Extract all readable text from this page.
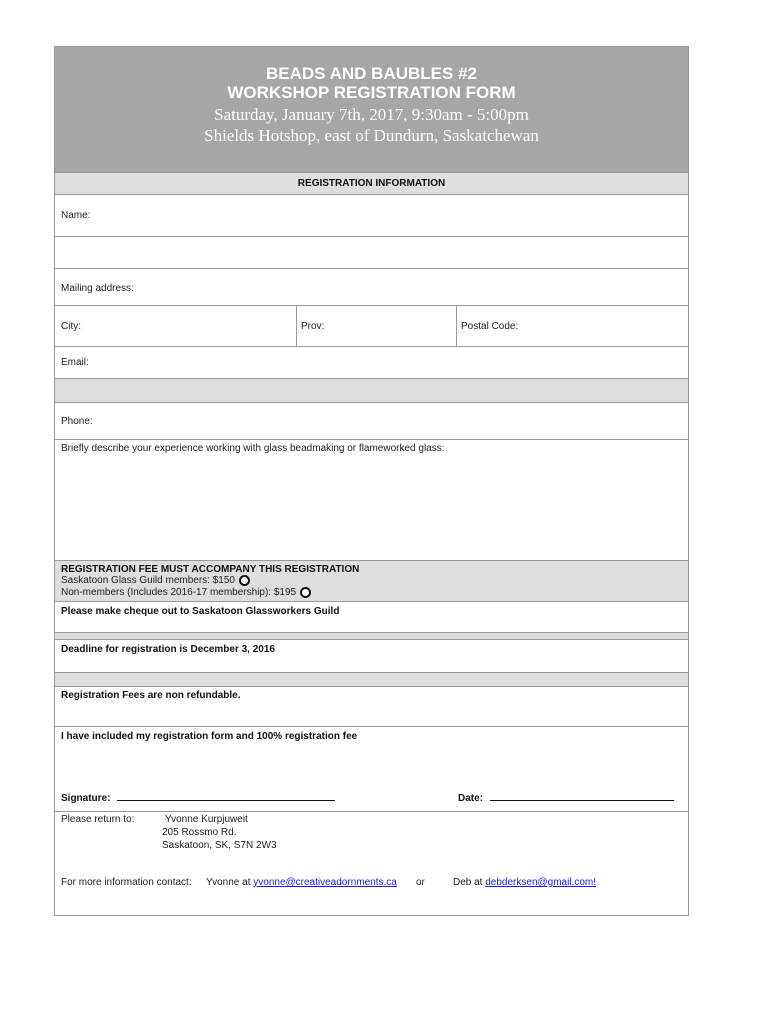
BEADS AND BAUBLES #2
WORKSHOP REGISTRATION FORM
Saturday, January 7th, 2017, 9:30am - 5:00pm
Shields Hotshop, east of Dundurn, Saskatchewan
REGISTRATION INFORMATION
Name:
Mailing address:
City:	Prov:	Postal Code:
Email:
Phone:
Briefly describe your experience working with glass beadmaking or flameworked glass:
REGISTRATION FEE MUST ACCOMPANY THIS REGISTRATION
Saskatoon Glass Guild members: $150
Non-members (Includes 2016-17 membership): $195
Please make cheque out to Saskatoon Glassworkers Guild
Deadline for registration is December 3, 2016
Registration Fees are non refundable.
I have included my registration form and 100% registration fee
Signature:	Date:
Please return to:	Yvonne Kurpjuweit
205 Rossmo Rd.
Saskatoon, SK, S7N 2W3
For more information contact: Yvonne at yvonne@creativeadornments.ca or	Deb at debderksen@gmail.com!
